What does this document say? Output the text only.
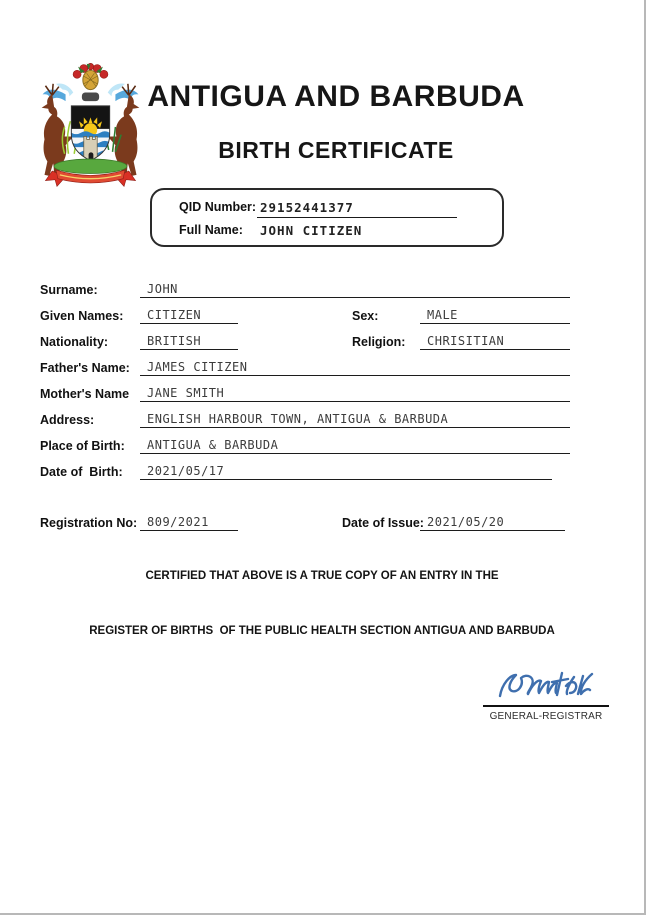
ANTIGUA AND BARBUDA
BIRTH CERTIFICATE
QID Number: 29152441377
Full Name: JOHN CITIZEN
Surname:	JOHN
Given Names:	CITIZEN	Sex:	MALE
Nationality:	BRITISH	Religion:	CHRISITIAN
Father's Name:	JAMES CITIZEN
Mother's Name	JANE SMITH
Address:	ENGLISH HARBOUR TOWN, ANTIGUA & BARBUDA
Place of Birth:	ANTIGUA & BARBUDA
Date of  Birth:	2021/05/17
Registration No: 809/2021	Date of Issue: 2021/05/20
CERTIFIED THAT ABOVE IS A TRUE COPY OF AN ENTRY IN THE
REGISTER OF BIRTHS  OF THE PUBLIC HEALTH SECTION ANTIGUA AND BARBUDA
GENERAL-REGISTRAR
